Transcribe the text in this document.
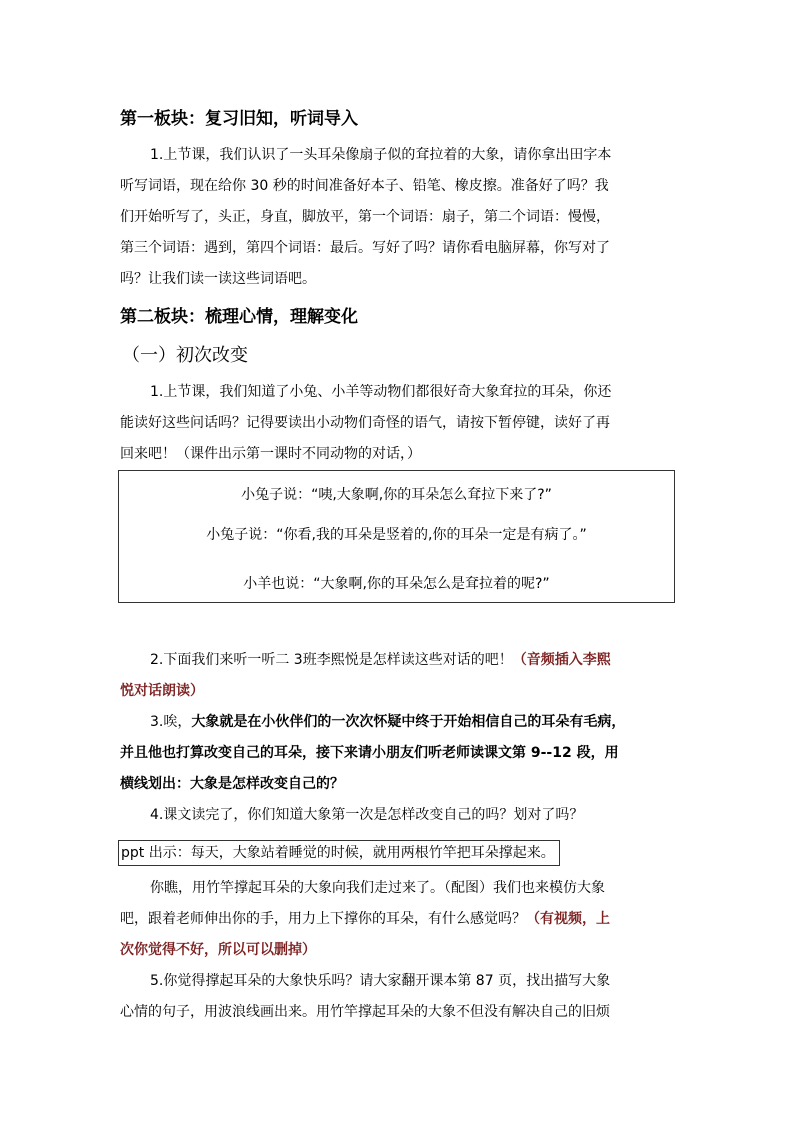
第一板块：复习旧知，听词导入
1.上节课，我们认识了一头耳朵像扇子似的耷拉着的大象，请你拿出田字本
听写词语，现在给你 30 秒的时间准备好本子、铅笔、橡皮擦。准备好了吗？我
们开始听写了，头正，身直，脚放平，第一个词语：扇子，第二个词语：慢慢，
第三个词语：遇到，第四个词语：最后。写好了吗？请你看电脑屏幕，你写对了
吗？让我们读一读这些词语吧。
第二板块：梳理心情，理解变化
（一）初次改变
1.上节课，我们知道了小兔、小羊等动物们都很好奇大象耷拉的耳朵，你还
能读好这些问话吗？记得要读出小动物们奇怪的语气，请按下暂停键，读好了再
回来吧！（课件出示第一课时不同动物的对话，）
小兔子说：“咦,大象啊,你的耳朵怎么耷拉下来了?”
小兔子说：“你看,我的耳朵是竖着的,你的耳朵一定是有病了。”
小羊也说：“大象啊,你的耳朵怎么是耷拉着的呢?”
2.下面我们来听一听二 3班李熙悦是怎样读这些对话的吧！（音频插入李熙
悦对话朗读）
3.唉，大象就是在小伙伴们的一次次怀疑中终于开始相信自己的耳朵有毛病，
并且他也打算改变自己的耳朵，接下来请小朋友们听老师读课文第 9--12 段，用
横线划出：大象是怎样改变自己的？
4.课文读完了，你们知道大象第一次是怎样改变自己的吗？划对了吗？
ppt 出示：每天，大象站着睡觉的时候，就用两根竹竿把耳朵撑起来。
你瞧，用竹竿撑起耳朵的大象向我们走过来了。（配图）我们也来模仿大象
吧，跟着老师伸出你的手，用力上下撑你的耳朵，有什么感觉吗？（有视频，上
次你觉得不好，所以可以删掉）
5.你觉得撑起耳朵的大象快乐吗？请大家翻开课本第 87 页，找出描写大象
心情的句子，用波浪线画出来。用竹竿撑起耳朵的大象不但没有解决自己的旧烦
